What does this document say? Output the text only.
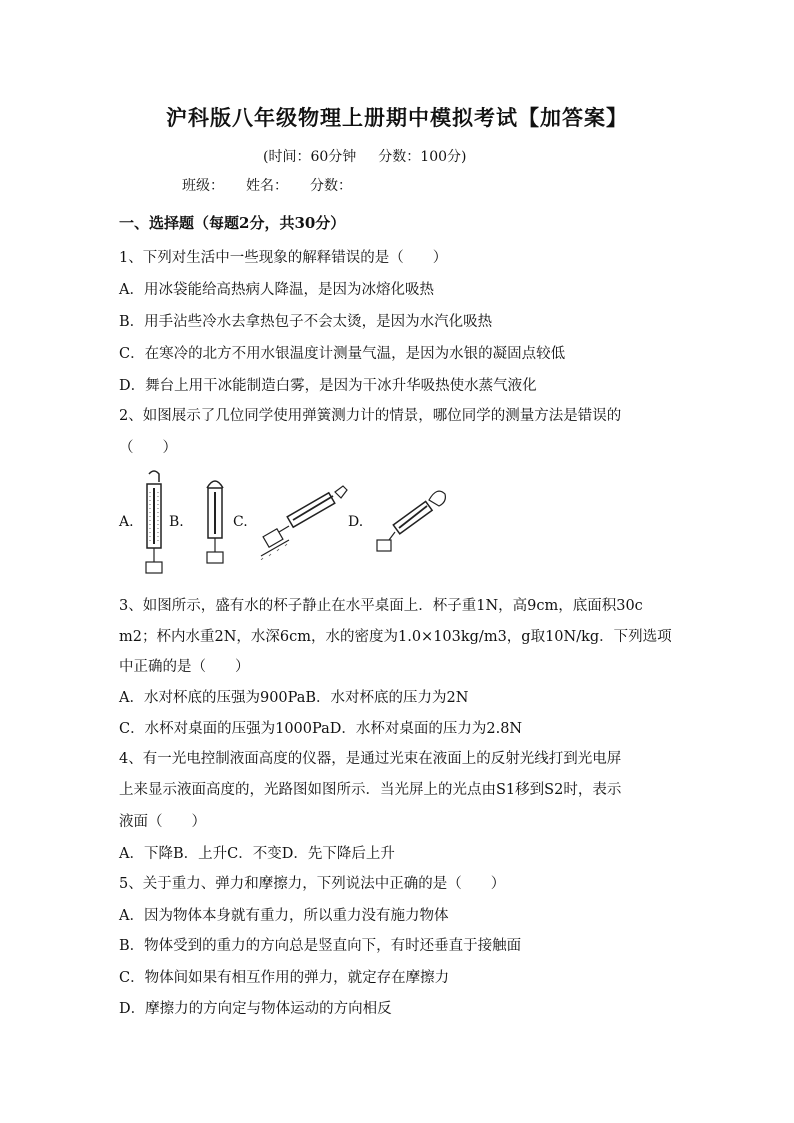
沪科版八年级物理上册期中模拟考试【加答案】
(时间：60分钟 分数：100分)
班级： 姓名： 分数：
一、选择题（每题2分，共30分）
1、下列对生活中一些现象的解释错误的是（　　）
A．用冰袋能给高热病人降温，是因为冰熔化吸热
B．用手沾些冷水去拿热包子不会太烫，是因为水汽化吸热
C．在寒冷的北方不用水银温度计测量气温，是因为水银的凝固点较低
D．舞台上用干冰能制造白雾，是因为干冰升华吸热使水蒸气液化
2、如图展示了几位同学使用弹簧测力计的情景，哪位同学的测量方法是错误的
（　　）
A.	B.	C.	D.
3、如图所示，盛有水的杯子静止在水平桌面上．杯子重1N，高9cm，底面积30c
m2；杯内水重2N，水深6cm，水的密度为1.0×103kg/m3，g取10N/kg．下列选项
中正确的是（　　）
A．水对杯底的压强为900PaB．水对杯底的压力为2N
C．水杯对桌面的压强为1000PaD．水杯对桌面的压力为2.8N
4、有一光电控制液面高度的仪器，是通过光束在液面上的反射光线打到光电屏
上来显示液面高度的，光路图如图所示．当光屏上的光点由S1移到S2时，表示
液面（　　）
A．下降B．上升C．不变D．先下降后上升
5、关于重力、弹力和摩擦力，下列说法中正确的是（　　）
A．因为物体本身就有重力，所以重力没有施力物体
B．物体受到的重力的方向总是竖直向下，有时还垂直于接触面
C．物体间如果有相互作用的弹力，就定存在摩擦力
D．摩擦力的方向定与物体运动的方向相反
